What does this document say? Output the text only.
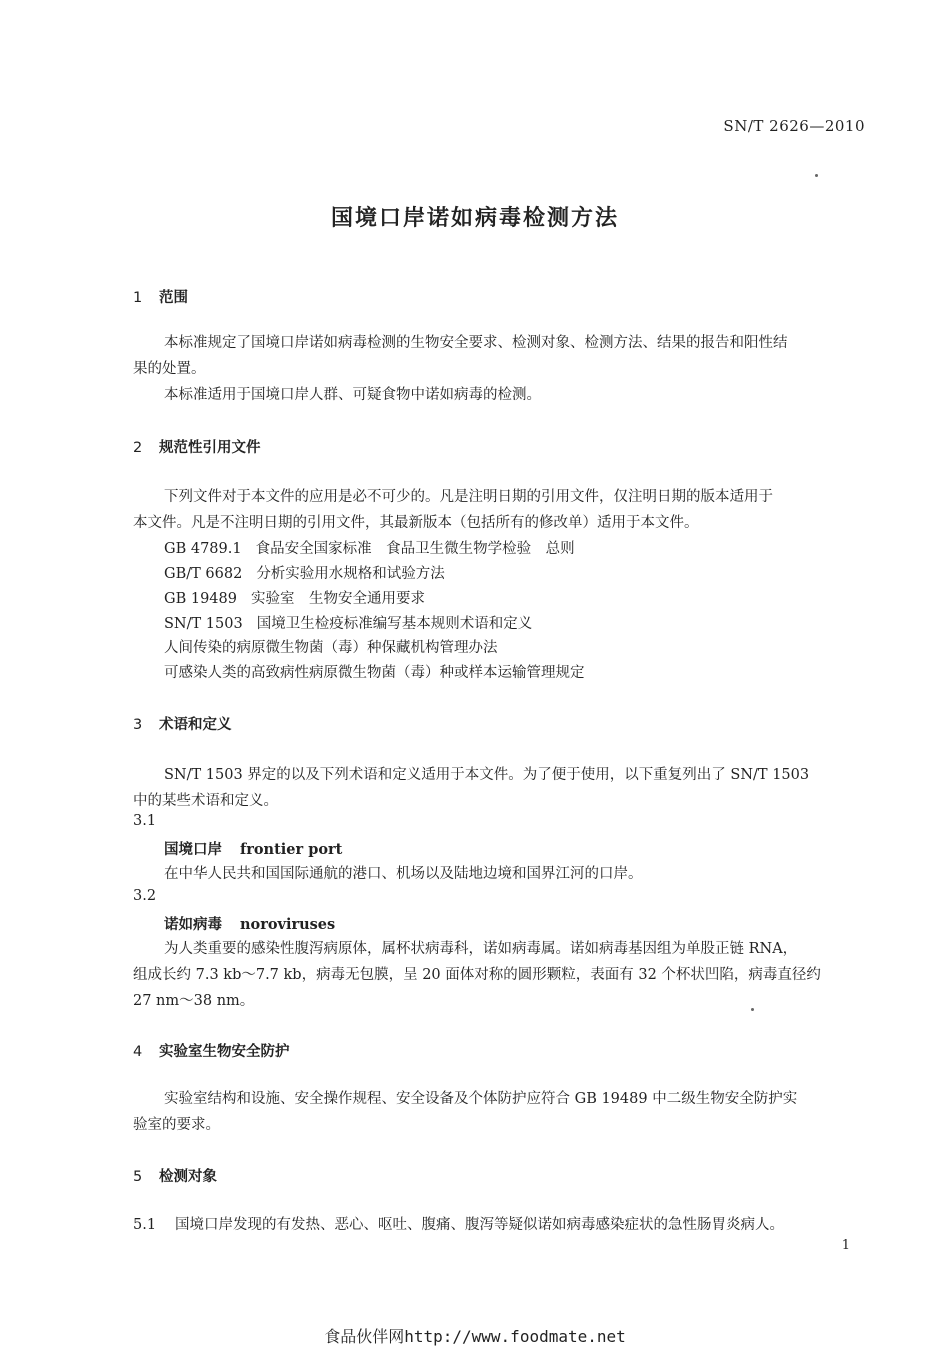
SN/T 2626—2010
国境口岸诺如病毒检测方法
1 范围
本标准规定了国境口岸诺如病毒检测的生物安全要求、检测对象、检测方法、结果的报告和阳性结
果的处置。
本标准适用于国境口岸人群、可疑食物中诺如病毒的检测。
2 规范性引用文件
下列文件对于本文件的应用是必不可少的。凡是注明日期的引用文件，仅注明日期的版本适用于
本文件。凡是不注明日期的引用文件，其最新版本（包括所有的修改单）适用于本文件。
GB 4789.1 食品安全国家标准　食品卫生微生物学检验　总则
GB/T 6682 分析实验用水规格和试验方法
GB 19489 实验室　生物安全通用要求
SN/T 1503 国境卫生检疫标准编写基本规则术语和定义
人间传染的病原微生物菌（毒）种保藏机构管理办法
可感染人类的高致病性病原微生物菌（毒）种或样本运输管理规定
3 术语和定义
SN/T 1503 界定的以及下列术语和定义适用于本文件。为了便于使用，以下重复列出了 SN/T 1503
中的某些术语和定义。
3.1
国境口岸 frontier port
在中华人民共和国国际通航的港口、机场以及陆地边境和国界江河的口岸。
3.2
诺如病毒 noroviruses
为人类重要的感染性腹泻病原体，属杯状病毒科，诺如病毒属。诺如病毒基因组为单股正链 RNA，
组成长约 7.3 kb～7.7 kb，病毒无包膜，呈 20 面体对称的圆形颗粒，表面有 32 个杯状凹陷，病毒直径约
27 nm～38 nm。
4 实验室生物安全防护
实验室结构和设施、安全操作规程、安全设备及个体防护应符合 GB 19489 中二级生物安全防护实
验室的要求。
5 检测对象
5.1 国境口岸发现的有发热、恶心、呕吐、腹痛、腹泻等疑似诺如病毒感染症状的急性肠胃炎病人。
1
食品伙伴网http://www.foodmate.net
